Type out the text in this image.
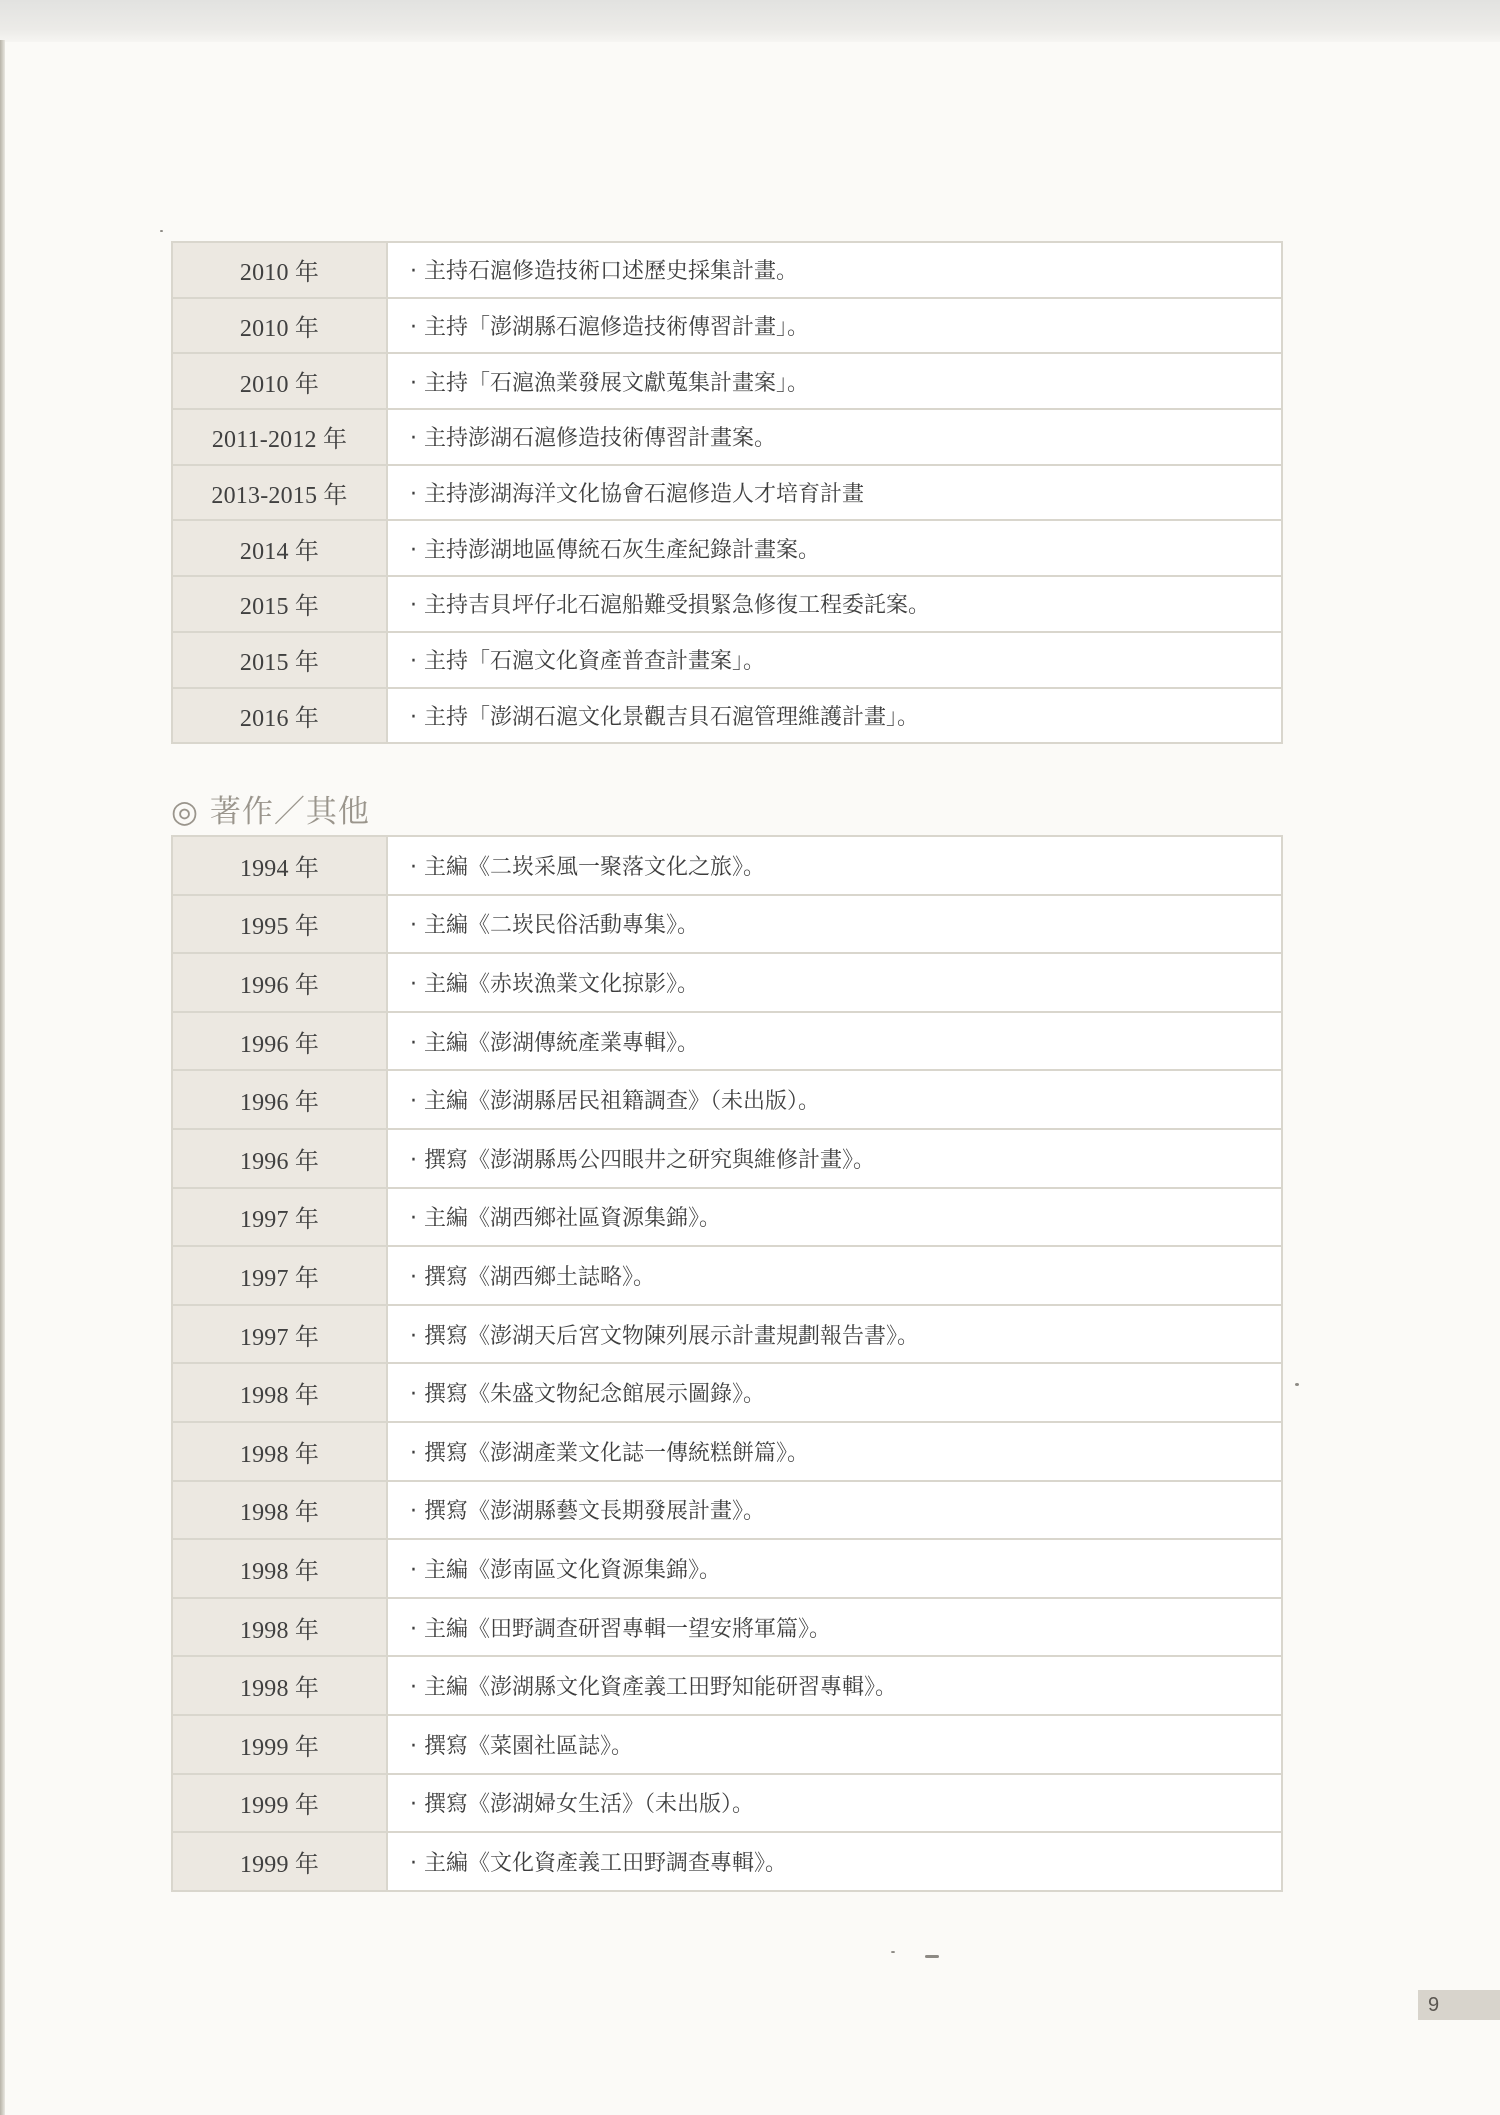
2010 年	· 主持石滬修造技術口述歷史採集計畫。
2010 年	· 主持「澎湖縣石滬修造技術傳習計畫」。
2010 年	· 主持「石滬漁業發展文獻蒐集計畫案」。
2011-2012 年	· 主持澎湖石滬修造技術傳習計畫案。
2013-2015 年	· 主持澎湖海洋文化協會石滬修造人才培育計畫
2014 年	· 主持澎湖地區傳統石灰生產紀錄計畫案。
2015 年	· 主持吉貝坪仔北石滬船難受損緊急修復工程委託案。
2015 年	· 主持「石滬文化資產普查計畫案」。
2016 年	· 主持「澎湖石滬文化景觀吉貝石滬管理維護計畫」。
◎ 著作／其他
1994 年	· 主編《二崁采風一聚落文化之旅》。
1995 年	· 主編《二崁民俗活動專集》。
1996 年	· 主編《赤崁漁業文化掠影》。
1996 年	· 主編《澎湖傳統產業專輯》。
1996 年	· 主編《澎湖縣居民祖籍調查》（未出版）。
1996 年	· 撰寫《澎湖縣馬公四眼井之研究與維修計畫》。
1997 年	· 主編《湖西鄉社區資源集錦》。
1997 年	· 撰寫《湖西鄉土誌略》。
1997 年	· 撰寫《澎湖天后宮文物陳列展示計畫規劃報告書》。
1998 年	· 撰寫《朱盛文物紀念館展示圖錄》。
1998 年	· 撰寫《澎湖產業文化誌一傳統糕餅篇》。
1998 年	· 撰寫《澎湖縣藝文長期發展計畫》。
1998 年	· 主編《澎南區文化資源集錦》。
1998 年	· 主編《田野調查研習專輯一望安將軍篇》。
1998 年	· 主編《澎湖縣文化資產義工田野知能研習專輯》。
1999 年	· 撰寫《菜園社區誌》。
1999 年	· 撰寫《澎湖婦女生活》（未出版）。
1999 年	· 主編《文化資產義工田野調查專輯》。
9
